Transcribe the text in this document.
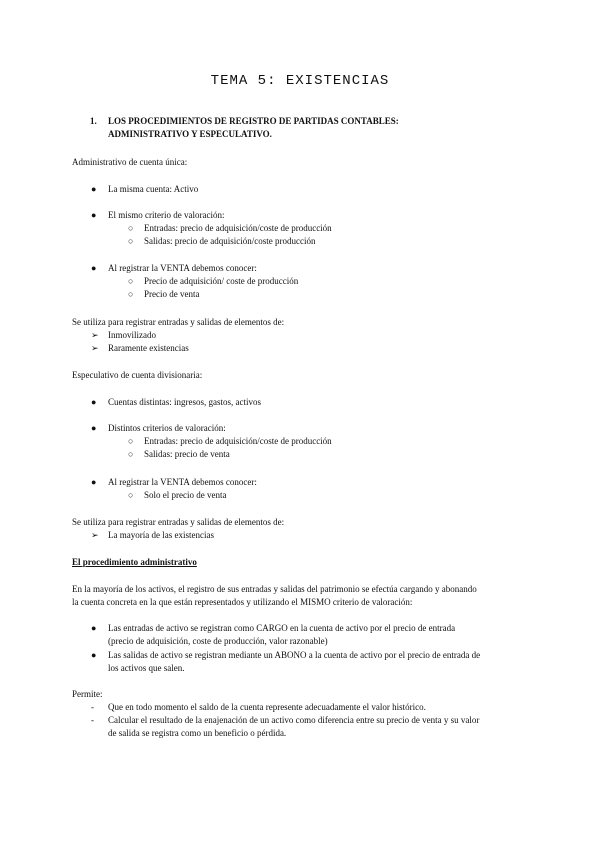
TEMA 5: EXISTENCIAS
1. LOS PROCEDIMIENTOS DE REGISTRO DE PARTIDAS CONTABLES:
ADMINISTRATIVO Y ESPECULATIVO.
Administrativo de cuenta única:
● La misma cuenta: Activo
● El mismo criterio de valoración:
○ Entradas: precio de adquisición/coste de producción
○ Salidas: precio de adquisición/coste producción
● Al registrar la VENTA debemos conocer:
○ Precio de adquisición/ coste de producción
○ Precio de venta
Se utiliza para registrar entradas y salidas de elementos de:
➢ Inmovilizado
➢ Raramente existencias
Especulativo de cuenta divisionaria:
● Cuentas distintas: ingresos, gastos, activos
● Distintos criterios de valoración:
○ Entradas: precio de adquisición/coste de producción
○ Salidas: precio de venta
● Al registrar la VENTA debemos conocer:
○ Solo el precio de venta
Se utiliza para registrar entradas y salidas de elementos de:
➢ La mayoría de las existencias
El procedimiento administrativo
En la mayoría de los activos, el registro de sus entradas y salidas del patrimonio se efectúa cargando y abonando
la cuenta concreta en la que están representados y utilizando el MISMO criterio de valoración:
● Las entradas de activo se registran como CARGO en la cuenta de activo por el precio de entrada
(precio de adquisición, coste de producción, valor razonable)
● Las salidas de activo se registran mediante un ABONO a la cuenta de activo por el precio de entrada de
los activos que salen.
Permite:
- Que en todo momento el saldo de la cuenta represente adecuadamente el valor histórico.
- Calcular el resultado de la enajenación de un activo como diferencia entre su precio de venta y su valor
de salida se registra como un beneficio o pérdida.
